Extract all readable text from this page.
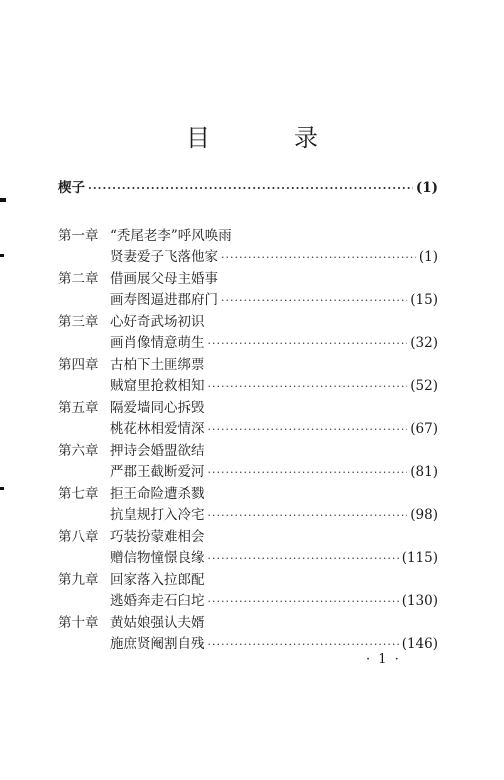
目　录
楔子 ·····	(1)
第一章 “秃尾老李”呼风唤雨
贤妻爱子飞落他家 ·····	(1)
第二章 借画展父母主婚事
画寿图逼进郡府门 ·····	(15)
第三章 心好奇武场初识
画肖像情意萌生 ·····	(32)
第四章 古柏下土匪绑票
贼窟里抢救相知 ·····	(52)
第五章 隔爱墙同心拆毁
桃花林相爱情深 ·····	(67)
第六章 押诗会婚盟欲结
严郡王截断爱河 ·····	(81)
第七章 拒王命险遭杀戮
抗皇规打入冷宅 ·····	(98)
第八章 巧装扮蒙难相会
赠信物憧憬良缘 ·····	(115)
第九章 回家落入拉郎配
逃婚奔走石臼坨 ·····	(130)
第十章 黄姑娘强认夫婿
施庶贤阉割自残 ·····	(146)
· 1 ·
